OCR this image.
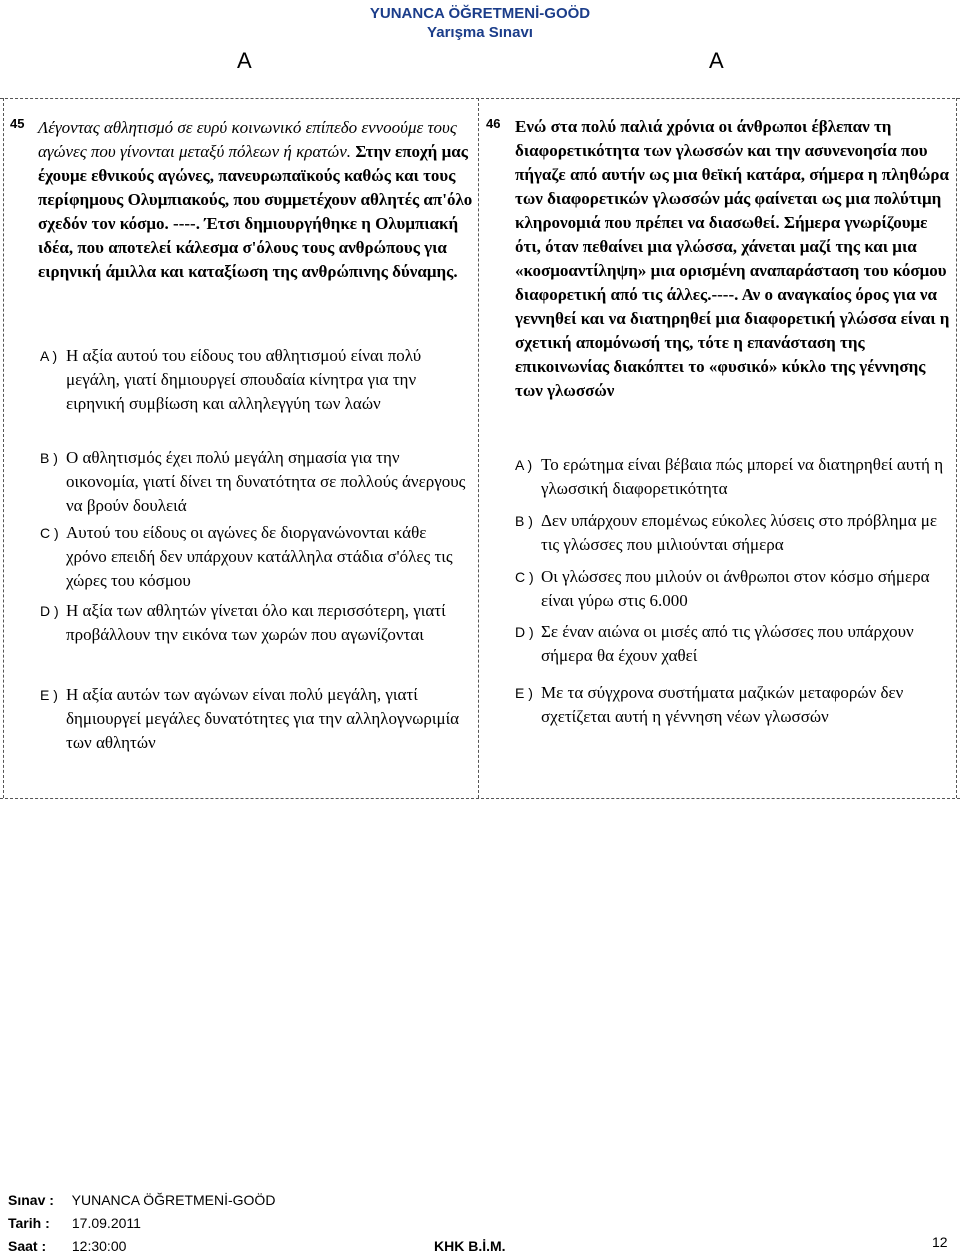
YUNANCA ÖĞRETMENİ-GOÖD
Yarışma Sınavı
A	A
45 Λέγοντας αθλητισμό σε ευρύ κοινωνικό επίπεδο εννοούμε τους αγώνες που γίνονται μεταξύ πόλεων ή κρατών. Στην εποχή μας έχουμε εθνικούς αγώνες, πανευρωπαϊκούς καθώς και τους περίφημους Ολυμπιακούς, που συμμετέχουν αθλητές απ'όλο σχεδόν τον κόσμο. ----. Έτσι δημιουργήθηκε η Ολυμπιακή ιδέα, που αποτελεί κάλεσμα σ'όλους τους ανθρώπους για ειρηνική άμιλλα και καταξίωση της ανθρώπινης δύναμης.
A ) Η αξία αυτού του είδους του αθλητισμού είναι πολύ μεγάλη, γιατί δημιουργεί σπουδαία κίνητρα για την ειρηνική συμβίωση και αλληλεγγύη των λαών
B ) Ο αθλητισμός έχει πολύ μεγάλη σημασία για την οικονομία, γιατί δίνει τη δυνατότητα σε πολλούς άνεργους να βρούν δουλειά
C ) Αυτού του είδους οι αγώνες δε διοργανώνονται κάθε χρόνο επειδή δεν υπάρχουν κατάλληλα στάδια σ'όλες τις χώρες του κόσμου
D ) Η αξία των αθλητών γίνεται όλο και περισσότερη, γιατί προβάλλουν την εικόνα των χωρών που αγωνίζονται
E ) Η αξία αυτών των αγώνων είναι πολύ μεγάλη, γιατί δημιουργεί μεγάλες δυνατότητες για την αλληλογνωριμία των αθλητών
46 Ενώ στα πολύ παλιά χρόνια οι άνθρωποι έβλεπαν τη διαφορετικότητα των γλωσσών και την ασυνενοησία που πήγαζε από αυτήν ως μια θεϊκή κατάρα, σήμερα η πληθώρα των διαφορετικών γλωσσών μάς φαίνεται ως μια πολύτιμη κληρονομιά που πρέπει να διασωθεί. Σήμερα γνωρίζουμε ότι, όταν πεθαίνει μια γλώσσα, χάνεται μαζί της και μια «κοσμοαντίληψη» μια ορισμένη αναπαράσταση του κόσμου διαφορετική από τις άλλες.----. Αν ο αναγκαίος όρος για να γεννηθεί και να διατηρηθεί μια διαφορετική γλώσσα είναι η σχετική απομόνωσή της, τότε η επανάσταση της επικοινωνίας διακόπτει το «φυσικό» κύκλο της γέννησης των γλωσσών
A ) Το ερώτημα είναι βέβαια πώς μπορεί να διατηρηθεί αυτή η γλωσσική διαφορετικότητα
B ) Δεν υπάρχουν επομένως εύκολες λύσεις στο πρόβλημα με τις γλώσσες που μιλιούνται σήμερα
C ) Οι γλώσσες που μιλούν οι άνθρωποι στον κόσμο σήμερα είναι γύρω στις 6.000
D ) Σε έναν αιώνα οι μισές από τις γλώσσες που υπάρχουν σήμερα θα έχουν χαθεί
E ) Με τα σύγχρονα συστήματα μαζικών μεταφορών δεν σχετίζεται αυτή η γέννηση νέων γλωσσών
Sınav : YUNANCA ÖĞRETMENİ-GOÖD
Tarih : 17.09.2011
Saat : 12:30:00	KHK B.İ.M.	12
